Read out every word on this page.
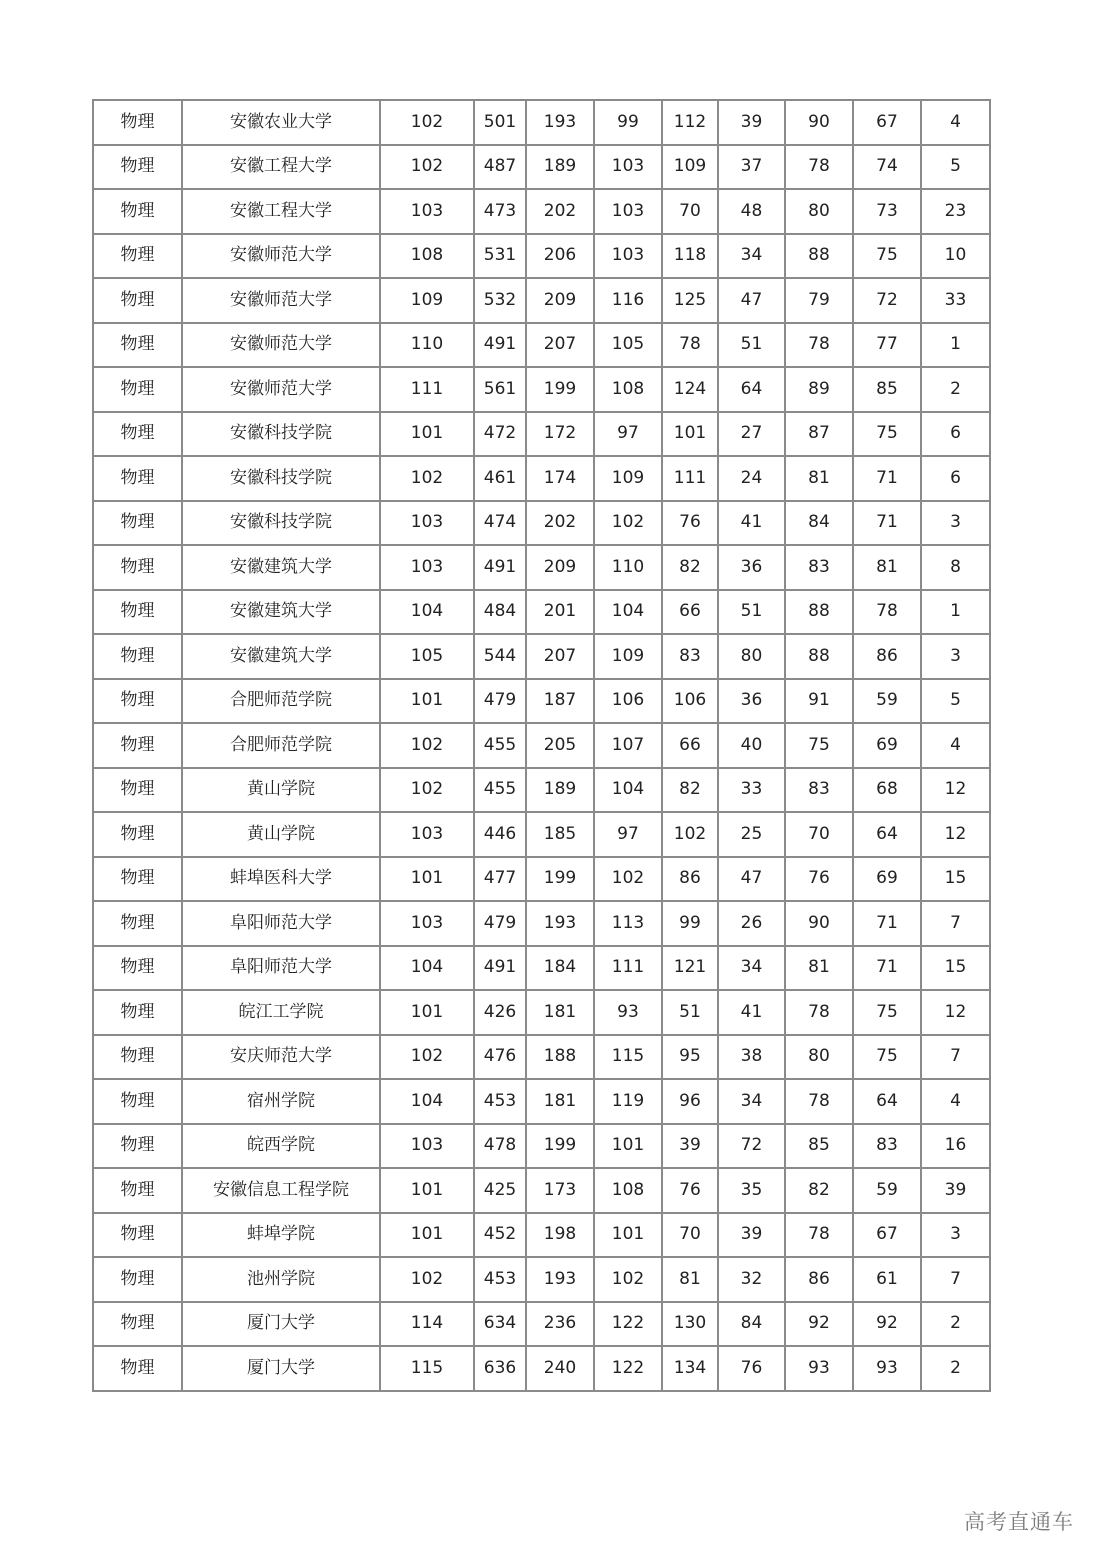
物理	安徽农业大学	102	501	193	99	112	39	90	67	4
物理	安徽工程大学	102	487	189	103	109	37	78	74	5
物理	安徽工程大学	103	473	202	103	70	48	80	73	23
物理	安徽师范大学	108	531	206	103	118	34	88	75	10
物理	安徽师范大学	109	532	209	116	125	47	79	72	33
物理	安徽师范大学	110	491	207	105	78	51	78	77	1
物理	安徽师范大学	111	561	199	108	124	64	89	85	2
物理	安徽科技学院	101	472	172	97	101	27	87	75	6
物理	安徽科技学院	102	461	174	109	111	24	81	71	6
物理	安徽科技学院	103	474	202	102	76	41	84	71	3
物理	安徽建筑大学	103	491	209	110	82	36	83	81	8
物理	安徽建筑大学	104	484	201	104	66	51	88	78	1
物理	安徽建筑大学	105	544	207	109	83	80	88	86	3
物理	合肥师范学院	101	479	187	106	106	36	91	59	5
物理	合肥师范学院	102	455	205	107	66	40	75	69	4
物理	黄山学院	102	455	189	104	82	33	83	68	12
物理	黄山学院	103	446	185	97	102	25	70	64	12
物理	蚌埠医科大学	101	477	199	102	86	47	76	69	15
物理	阜阳师范大学	103	479	193	113	99	26	90	71	7
物理	阜阳师范大学	104	491	184	111	121	34	81	71	15
物理	皖江工学院	101	426	181	93	51	41	78	75	12
物理	安庆师范大学	102	476	188	115	95	38	80	75	7
物理	宿州学院	104	453	181	119	96	34	78	64	4
物理	皖西学院	103	478	199	101	39	72	85	83	16
物理	安徽信息工程学院	101	425	173	108	76	35	82	59	39
物理	蚌埠学院	101	452	198	101	70	39	78	67	3
物理	池州学院	102	453	193	102	81	32	86	61	7
物理	厦门大学	114	634	236	122	130	84	92	92	2
物理	厦门大学	115	636	240	122	134	76	93	93	2
高考直通车
